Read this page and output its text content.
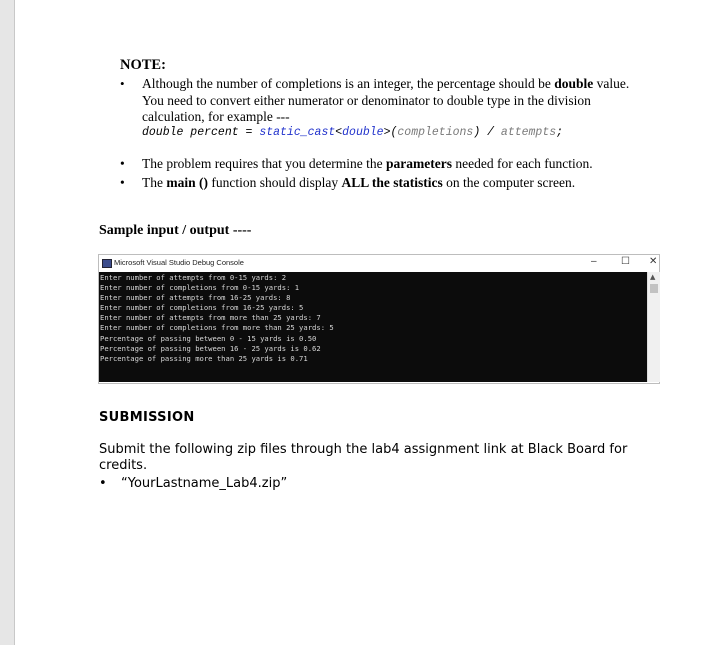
NOTE:
• Although the number of completions is an integer, the percentage should be double value. You need to convert either numerator or denominator to double type in the division calculation, for example ---
double percent = static_cast<double>(completions) / attempts;
• The problem requires that you determine the parameters needed for each function.
• The main () function should display ALL the statistics on the computer screen.
Sample input / output ----
Microsoft Visual Studio Debug Console	– ☐ ✕
Enter number of attempts from 0-15 yards: 2
Enter number of completions from 0-15 yards: 1
Enter number of attempts from 16-25 yards: 8
Enter number of completions from 16-25 yards: 5
Enter number of attempts from more than 25 yards: 7
Enter number of completions from more than 25 yards: 5
Percentage of passing between 0 - 15 yards is 0.50
Percentage of passing between 16 - 25 yards is 0.62
Percentage of passing more than 25 yards is 0.71
▲
SUBMISSION
Submit the following zip files through the lab4 assignment link at Black Board for credits.
• “YourLastname_Lab4.zip”
